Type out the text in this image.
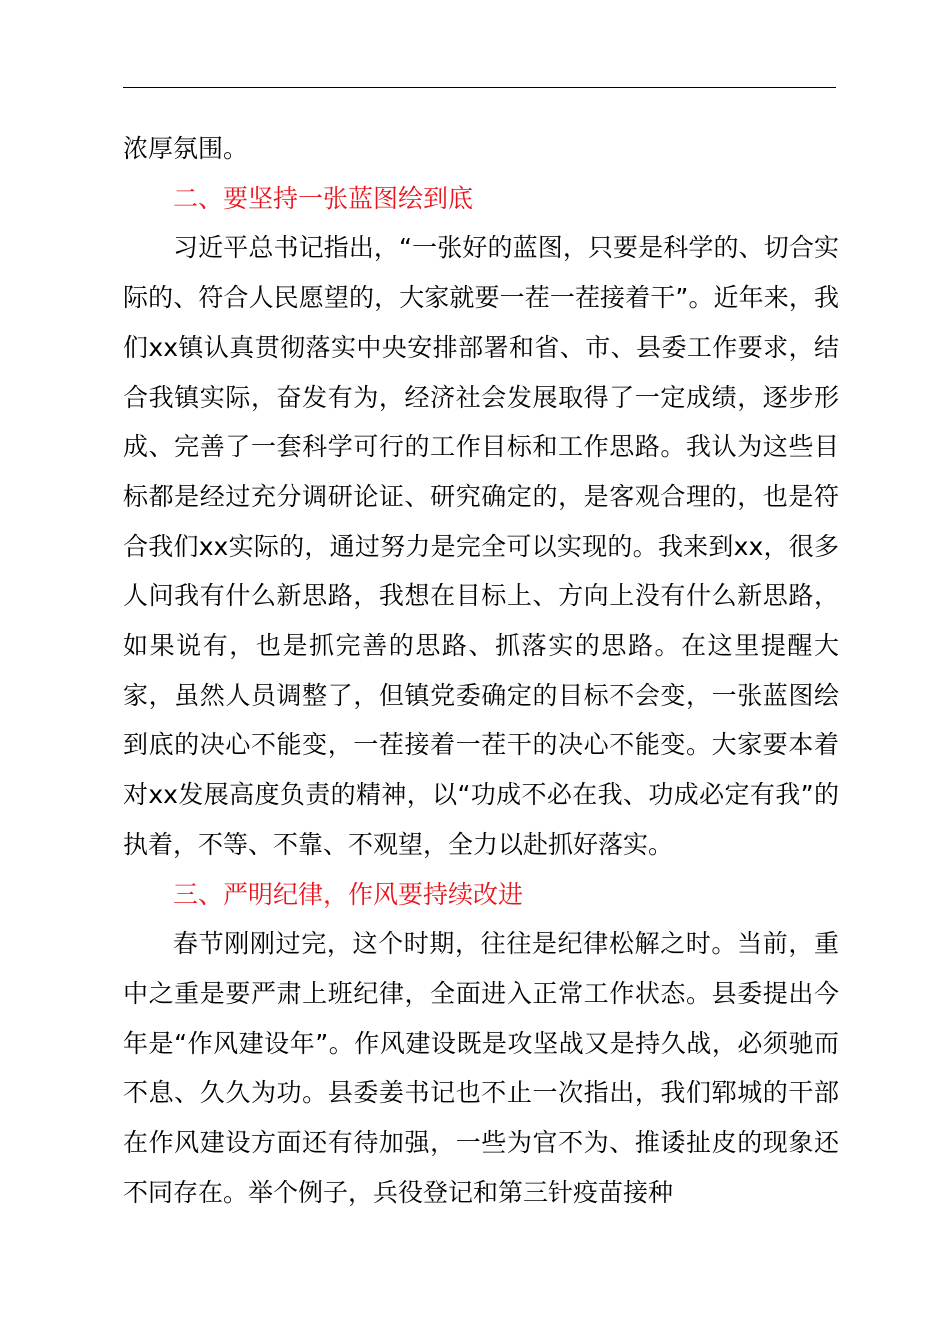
浓厚氛围。

二、要坚持一张蓝图绘到底

习近平总书记指出，“一张好的蓝图，只要是科学的、切合实际的、符合人民愿望的，大家就要一茬一茬接着干”。近年来，我们xx镇认真贯彻落实中央安排部署和省、市、县委工作要求，结合我镇实际，奋发有为，经济社会发展取得了一定成绩，逐步形成、完善了一套科学可行的工作目标和工作思路。我认为这些目标都是经过充分调研论证、研究确定的，是客观合理的，也是符合我们xx实际的，通过努力是完全可以实现的。我来到xx，很多人问我有什么新思路，我想在目标上、方向上没有什么新思路，如果说有，也是抓完善的思路、抓落实的思路。在这里提醒大家，虽然人员调整了，但镇党委确定的目标不会变，一张蓝图绘到底的决心不能变，一茬接着一茬干的决心不能变。大家要本着对xx发展高度负责的精神，以“功成不必在我、功成必定有我”的执着，不等、不靠、不观望，全力以赴抓好落实。

三、严明纪律，作风要持续改进

春节刚刚过完，这个时期，往往是纪律松解之时。当前，重中之重是要严肃上班纪律，全面进入正常工作状态。县委提出今年是“作风建设年”。作风建设既是攻坚战又是持久战，必须驰而不息、久久为功。县委姜书记也不止一次指出，我们郓城的干部在作风建设方面还有待加强，一些为官不为、推诿扯皮的现象还不同存在。举个例子，兵役登记和第三针疫苗接种
